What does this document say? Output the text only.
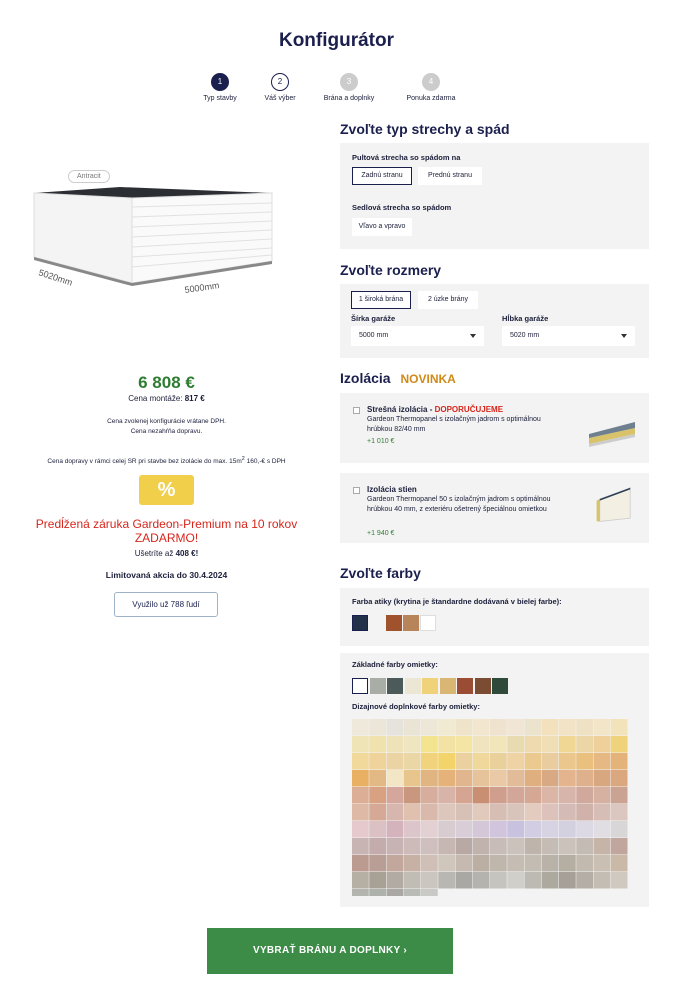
Konfigurátor
1
Typ stavby
2
Váš výber
3
Brána a doplnky
4
Ponuka zdarma
5020mm	5000mm
Antracit
6 808 €
Cena montáže: 817 €
Cena zvolenej konfigurácie vrátane DPH.
Cena nezahŕňa dopravu.
Cena dopravy v rámci celej SR pri stavbe bez izolácie do max. $15m^2$ 160,-€ s DPH
%
Predĺžená záruka Gardeon-Premium na 10 rokov
ZADARMO!
Ušetríte až 408 €!
Limitovaná akcia do 30.4.2024
Využilo už 788 ľudí
Zvoľte typ strechy a spád
Pultová strecha so spádom na
Zadnú stranu	Prednú stranu
Sedlová strecha so spádom
Vľavo a vpravo
Zvoľte rozmery
1 široká brána	2 úzke brány
Šírka garáže
5000 mm
Hĺbka garáže
5020 mm
Izolácia NOVINKA
Strešná izolácia - DOPORUČUJEME
Gardeon Thermopanel s izolačným jadrom s optimálnou hrúbkou 82/40 mm
+1 010 €
Izolácia stien
Gardeon Thermopanel 50 s izolačným jadrom s optimálnou hrúbkou 40 mm, z exteriéru ošetrený špeciálnou omietkou
+1 940 €
Zvoľte farby
Farba atiky (krytina je štandardne dodávaná v bielej farbe):
Základné farby omietky:
Dizajnové doplnkové farby omietky:
VYBRAŤ BRÁNU A DOPLNKY ›
